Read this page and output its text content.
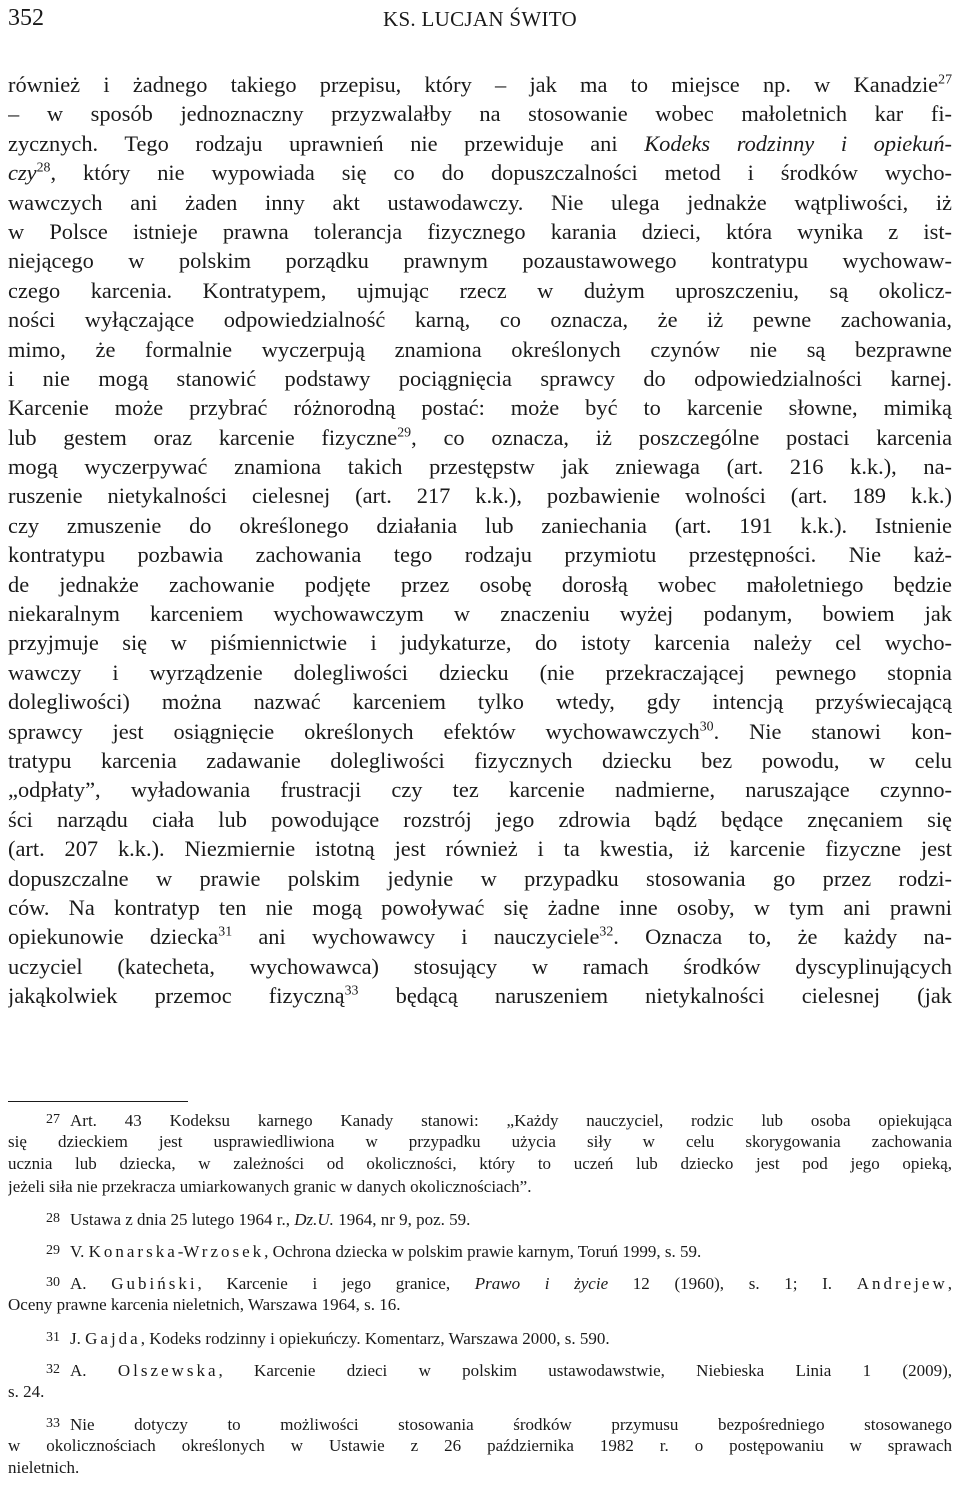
352	KS. LUCJAN ŚWITO
również i żadnego takiego przepisu, który – jak ma to miejsce np. w Kanadzie$^{27}$
– w sposób jednoznaczny przyzwalałby na stosowanie wobec małoletnich kar fi-
zycznych. Tego rodzaju uprawnień nie przewiduje ani Kodeks rodzinny i opiekuń-
czy$^{28}$, który nie wypowiada się co do dopuszczalności metod i środków wycho-
wawczych ani żaden inny akt ustawodawczy. Nie ulega jednakże wątpliwości, iż
w Polsce istnieje prawna tolerancja fizycznego karania dzieci, która wynika z ist-
niejącego w polskim porządku prawnym pozaustawowego kontratypu wychowaw-
czego karcenia. Kontratypem, ujmując rzecz w dużym uproszczeniu, są okolicz-
ności wyłączające odpowiedzialność karną, co oznacza, że iż pewne zachowania,
mimo, że formalnie wyczerpują znamiona określonych czynów nie są bezprawne
i nie mogą stanowić podstawy pociągnięcia sprawcy do odpowiedzialności karnej.
Karcenie może przybrać różnorodną postać: może być to karcenie słowne, mimiką
lub gestem oraz karcenie fizyczne$^{29}$, co oznacza, iż poszczególne postaci karcenia
mogą wyczerpywać znamiona takich przestępstw jak zniewaga (art. 216 k.k.), na-
ruszenie nietykalności cielesnej (art. 217 k.k.), pozbawienie wolności (art. 189 k.k.)
czy zmuszenie do określonego działania lub zaniechania (art. 191 k.k.). Istnienie
kontratypu pozbawia zachowania tego rodzaju przymiotu przestępności. Nie każ-
de jednakże zachowanie podjęte przez osobę dorosłą wobec małoletniego będzie
niekaralnym karceniem wychowawczym w znaczeniu wyżej podanym, bowiem jak
przyjmuje się w piśmiennictwie i judykaturze, do istoty karcenia należy cel wycho-
wawczy i wyrządzenie dolegliwości dziecku (nie przekraczającej pewnego stopnia
dolegliwości) można nazwać karceniem tylko wtedy, gdy intencją przyświecającą
sprawcy jest osiągnięcie określonych efektów wychowawczych$^{30}$. Nie stanowi kon-
tratypu karcenia zadawanie dolegliwości fizycznych dziecku bez powodu, w celu
„odpłaty”, wyładowania frustracji czy tez karcenie nadmierne, naruszające czynno-
ści narządu ciała lub powodujące rozstrój jego zdrowia bądź będące znęcaniem się
(art. 207 k.k.). Niezmiernie istotną jest również i ta kwestia, iż karcenie fizyczne jest
dopuszczalne w prawie polskim jedynie w przypadku stosowania go przez rodzi-
ców. Na kontratyp ten nie mogą powoływać się żadne inne osoby, w tym ani prawni
opiekunowie dziecka$^{31}$ ani wychowawcy i nauczyciele$^{32}$. Oznacza to, że każdy na-
uczyciel (katecheta, wychowawca) stosujący w ramach środków dyscyplinujących
jakąkolwiek przemoc fizyczną$^{33}$ będącą naruszeniem nietykalności cielesnej (jak
27 Art. 43 Kodeksu karnego Kanady stanowi: „Każdy nauczyciel, rodzic lub osoba opiekująca
się dzieckiem jest usprawiedliwiona w przypadku użycia siły w celu skorygowania zachowania
ucznia lub dziecka, w zależności od okoliczności, który to uczeń lub dziecko jest pod jego opieką,
jeżeli siła nie przekracza umiarkowanych granic w danych okolicznościach”.
28 Ustawa z dnia 25 lutego 1964 r., Dz.U. 1964, nr 9, poz. 59.
29 V. Konarska-Wrzosek, Ochrona dziecka w polskim prawie karnym, Toruń 1999, s. 59.
30 A. Gubiński, Karcenie i jego granice, Prawo i życie 12 (1960), s. 1; I. Andrejew,
Oceny prawne karcenia nieletnich, Warszawa 1964, s. 16.
31 J. Gajda, Kodeks rodzinny i opiekuńczy. Komentarz, Warszawa 2000, s. 590.
32 A. Olszewska, Karcenie dzieci w polskim ustawodawstwie, Niebieska Linia 1 (2009),
s. 24.
33 Nie dotyczy to możliwości stosowania środków przymusu bezpośredniego stosowanego
w okolicznościach określonych w Ustawie z 26 października 1982 r. o postępowaniu w sprawach
nieletnich.
